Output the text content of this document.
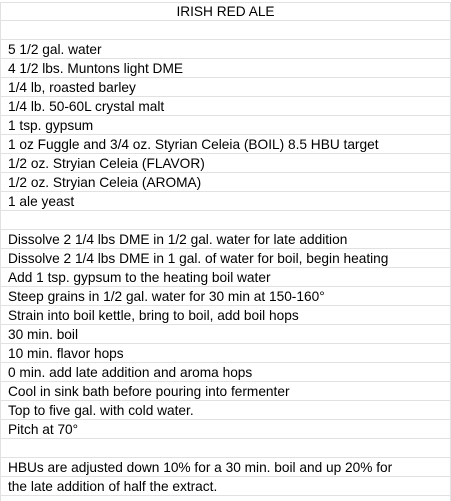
IRISH RED ALE
5 1/2 gal. water
4 1/2 lbs. Muntons light DME
1/4 lb, roasted barley
1/4 lb. 50-60L crystal malt
1 tsp. gypsum
1 oz Fuggle and 3/4 oz. Styrian Celeia (BOIL) 8.5 HBU target
1/2 oz. Stryian Celeia (FLAVOR)
1/2 oz. Stryian Celeia (AROMA)
1 ale yeast
Dissolve 2 1/4 lbs DME in 1/2 gal. water for late addition
Dissolve 2 1/4 lbs DME in 1 gal. of water for boil, begin heating
Add 1 tsp. gypsum to the heating boil water
Steep grains in 1/2 gal. water for 30 min at 150-160°
Strain into boil kettle, bring to boil, add boil hops
30 min. boil
10 min. flavor hops
0 min. add late addition and aroma hops
Cool in sink bath before pouring into fermenter
Top to five gal. with cold water.
Pitch at 70°
HBUs are adjusted down 10% for a 30 min. boil and up 20% for
the late addition of half the extract.
